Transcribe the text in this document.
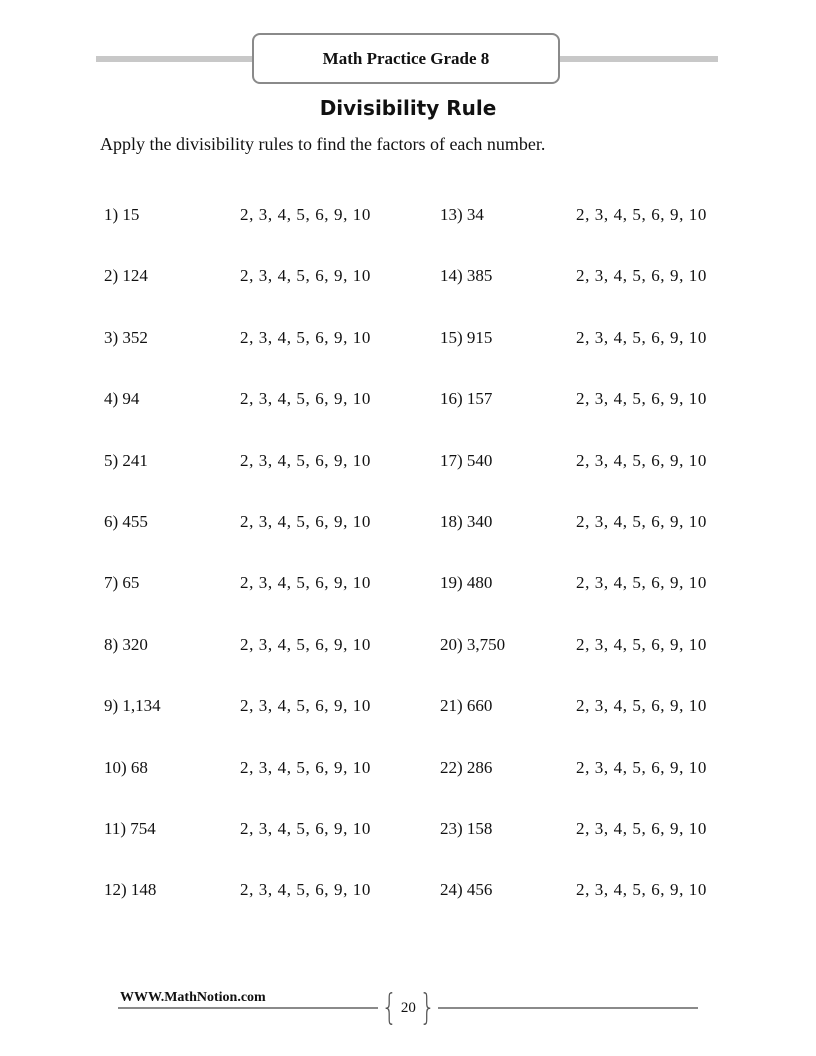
Math Practice Grade 8
Divisibility Rule
Apply the divisibility rules to find the factors of each number.
1) 15	2, 3, 4, 5, 6, 9, 10
2) 124	2, 3, 4, 5, 6, 9, 10
3) 352	2, 3, 4, 5, 6, 9, 10
4) 94	2, 3, 4, 5, 6, 9, 10
5) 241	2, 3, 4, 5, 6, 9, 10
6) 455	2, 3, 4, 5, 6, 9, 10
7) 65	2, 3, 4, 5, 6, 9, 10
8) 320	2, 3, 4, 5, 6, 9, 10
9) 1,134	2, 3, 4, 5, 6, 9, 10
10) 68	2, 3, 4, 5, 6, 9, 10
11) 754	2, 3, 4, 5, 6, 9, 10
12) 148	2, 3, 4, 5, 6, 9, 10
13) 34	2, 3, 4, 5, 6, 9, 10
14) 385	2, 3, 4, 5, 6, 9, 10
15) 915	2, 3, 4, 5, 6, 9, 10
16) 157	2, 3, 4, 5, 6, 9, 10
17) 540	2, 3, 4, 5, 6, 9, 10
18) 340	2, 3, 4, 5, 6, 9, 10
19) 480	2, 3, 4, 5, 6, 9, 10
20) 3,750	2, 3, 4, 5, 6, 9, 10
21) 660	2, 3, 4, 5, 6, 9, 10
22) 286	2, 3, 4, 5, 6, 9, 10
23) 158	2, 3, 4, 5, 6, 9, 10
24) 456	2, 3, 4, 5, 6, 9, 10
WWW.MathNotion.com	{ 20 }
